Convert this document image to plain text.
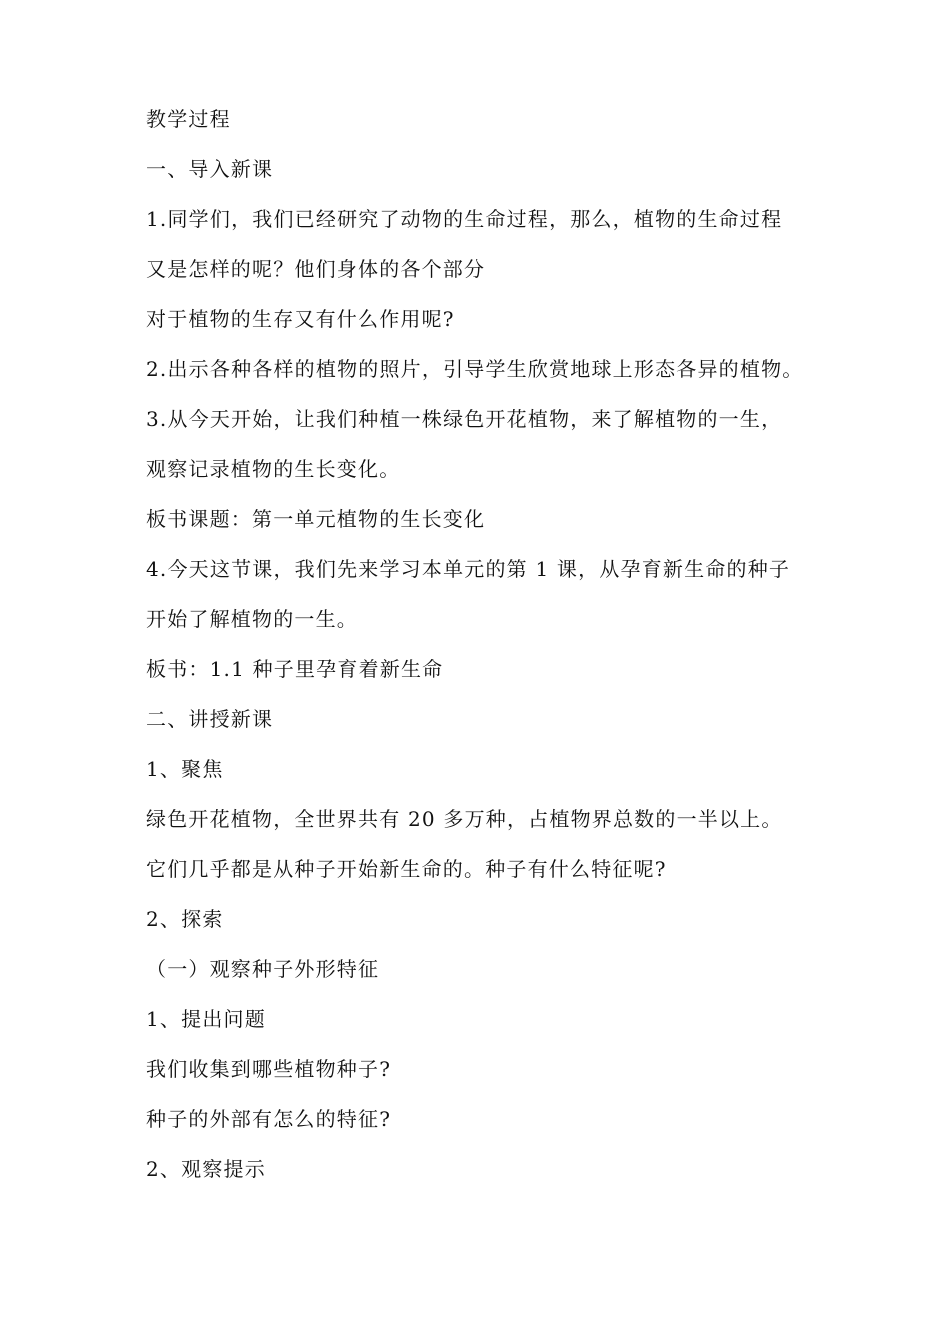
教学过程
一、导入新课
1.同学们，我们已经研究了动物的生命过程，那么，植物的生命过程
又是怎样的呢？他们身体的各个部分
对于植物的生存又有什么作用呢?
2.出示各种各样的植物的照片，引导学生欣赏地球上形态各异的植物。
3.从今天开始，让我们种植一株绿色开花植物，来了解植物的一生，
观察记录植物的生长变化。
板书课题：第一单元植物的生长变化
4.今天这节课，我们先来学习本单元的第 1 课，从孕育新生命的种子
开始了解植物的一生。
板书：1.1 种子里孕育着新生命
二、讲授新课
1、聚焦
绿色开花植物，全世界共有 20 多万种，占植物界总数的一半以上。
它们几乎都是从种子开始新生命的。种子有什么特征呢?
2、探索
（一）观察种子外形特征
1、提出问题
我们收集到哪些植物种子?
种子的外部有怎么的特征?
2、观察提示
